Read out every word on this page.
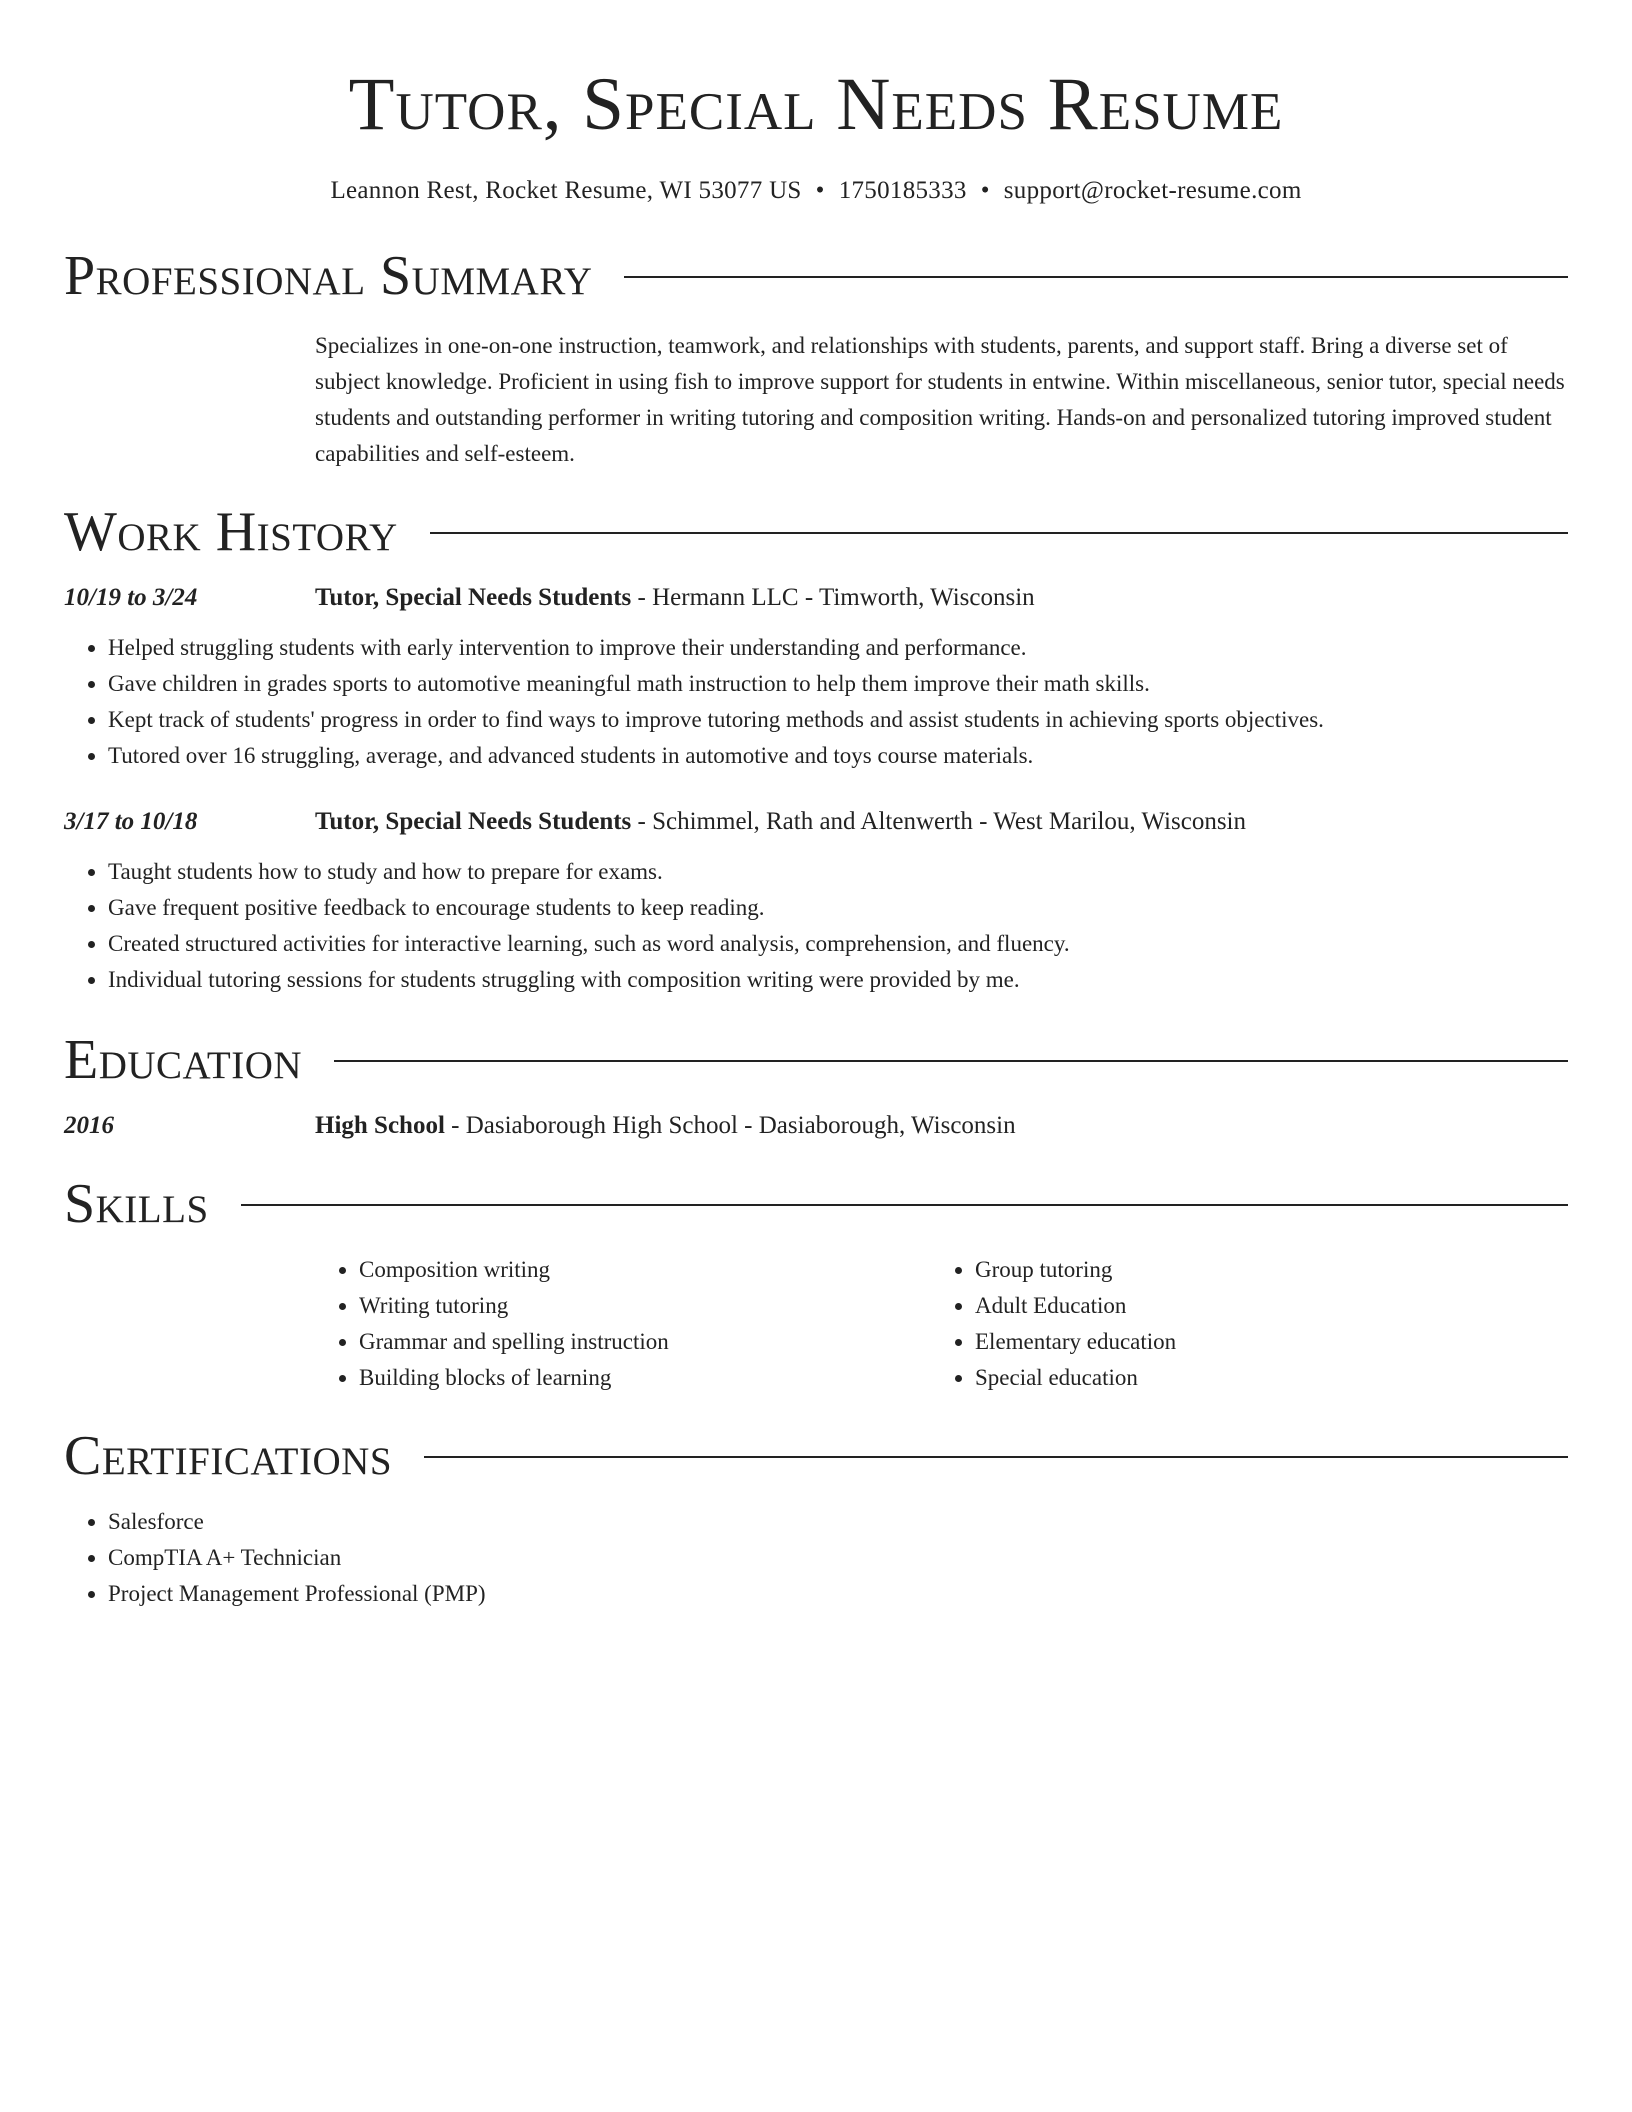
Tutor, Special Needs Resume
Leannon Rest, Rocket Resume, WI 53077 US • 1750185333 • support@rocket-resume.com
Professional Summary
Specializes in one-on-one instruction, teamwork, and relationships with students, parents, and support staff. Bring a diverse set of subject knowledge. Proficient in using fish to improve support for students in entwine. Within miscellaneous, senior tutor, special needs students and outstanding performer in writing tutoring and composition writing. Hands-on and personalized tutoring improved student capabilities and self-esteem.
Work History
10/19 to 3/24	Tutor, Special Needs Students - Hermann LLC - Timworth, Wisconsin
• Helped struggling students with early intervention to improve their understanding and performance.
• Gave children in grades sports to automotive meaningful math instruction to help them improve their math skills.
• Kept track of students' progress in order to find ways to improve tutoring methods and assist students in achieving sports objectives.
• Tutored over 16 struggling, average, and advanced students in automotive and toys course materials.
3/17 to 10/18	Tutor, Special Needs Students - Schimmel, Rath and Altenwerth - West Marilou, Wisconsin
• Taught students how to study and how to prepare for exams.
• Gave frequent positive feedback to encourage students to keep reading.
• Created structured activities for interactive learning, such as word analysis, comprehension, and fluency.
• Individual tutoring sessions for students struggling with composition writing were provided by me.
Education
2016	High School - Dasiaborough High School - Dasiaborough, Wisconsin
Skills
• Composition writing
• Writing tutoring
• Grammar and spelling instruction
• Building blocks of learning
• Group tutoring
• Adult Education
• Elementary education
• Special education
Certifications
• Salesforce
• CompTIA A+ Technician
• Project Management Professional (PMP)
